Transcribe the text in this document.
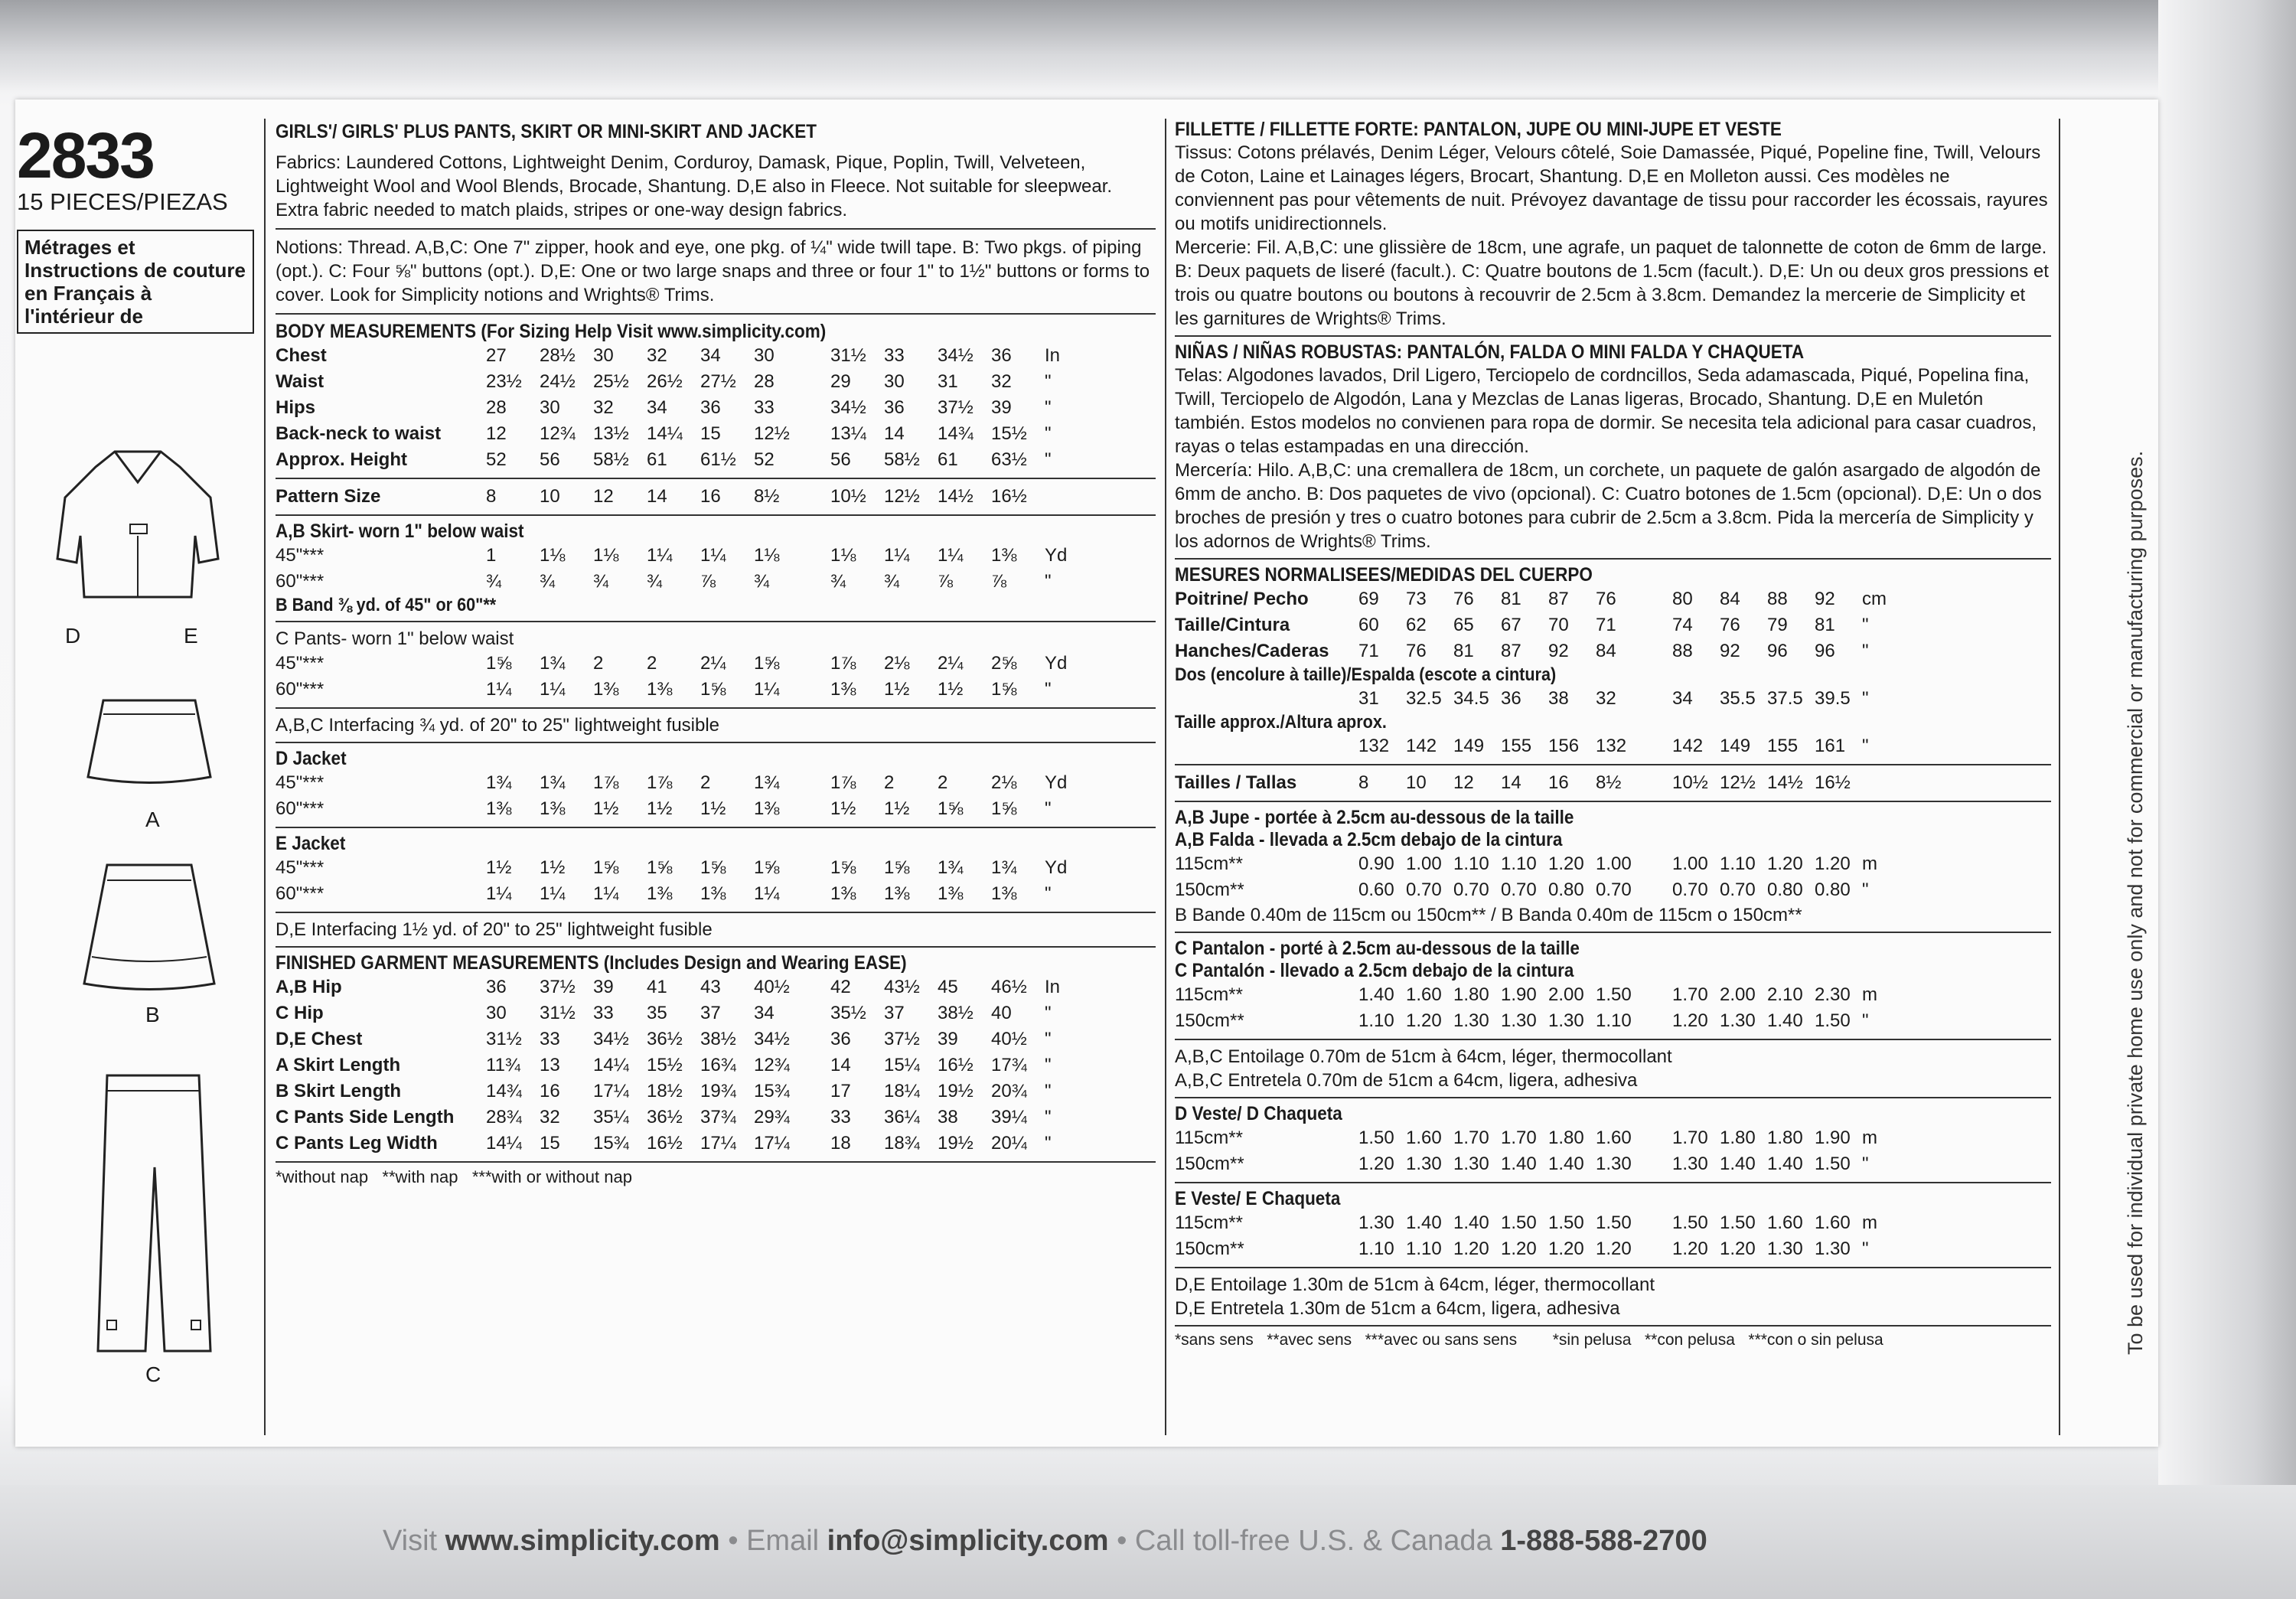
2833
15 PIECES/PIEZAS
Métrages et Instructions de couture en Français à l'intérieur de
D	E
A
B
C
GIRLS'/ GIRLS' PLUS PANTS, SKIRT OR MINI-SKIRT AND JACKET
Fabrics: Laundered Cottons, Lightweight Denim, Corduroy, Damask, Pique, Poplin, Twill, Velveteen, Lightweight Wool and Wool Blends, Brocade, Shantung. D,E also in Fleece. Not suitable for sleepwear. Extra fabric needed to match plaids, stripes or one-way design fabrics.
Notions: Thread. A,B,C: One 7" zipper, hook and eye, one pkg. of ¼" wide twill tape. B: Two pkgs. of piping (opt.). C: Four ⅝" buttons (opt.). D,E: One or two large snaps and three or four 1" to 1½" buttons or forms to cover. Look for Simplicity notions and Wrights® Trims.
BODY MEASUREMENTS (For Sizing Help Visit www.simplicity.com)
Chest	27	28½	30	32	34	30	31½	33	34½	36	In
Waist	23½	24½	25½	26½	27½	28	29	30	31	32	"
Hips	28	30	32	34	36	33	34½	36	37½	39	"
Back-neck to waist	12	12¾	13½	14¼	15	12½	13¼	14	14¾	15½	"
Approx. Height	52	56	58½	61	61½	52	56	58½	61	63½	"
Pattern Size	8	10	12	14	16	8½	10½	12½	14½	16½	
A,B Skirt- worn 1" below waist
45"***	1	1⅛	1⅛	1¼	1¼	1⅛	1⅛	1¼	1¼	1⅜	Yd
60"***	¾	¾	¾	¾	⅞	¾	¾	¾	⅞	⅞	"
B Band ⅜ yd. of 45" or 60"**
C Pants- worn 1" below waist
45"***	1⅝	1¾	2	2	2¼	1⅝	1⅞	2⅛	2¼	2⅝	Yd
60"***	1¼	1¼	1⅜	1⅜	1⅝	1¼	1⅜	1½	1½	1⅝	"
A,B,C Interfacing ¾ yd. of 20" to 25" lightweight fusible
D Jacket
45"***	1¾	1¾	1⅞	1⅞	2	1¾	1⅞	2	2	2⅛	Yd
60"***	1⅜	1⅜	1½	1½	1½	1⅜	1½	1½	1⅝	1⅝	"
E Jacket
45"***	1½	1½	1⅝	1⅝	1⅝	1⅝	1⅝	1⅝	1¾	1¾	Yd
60"***	1¼	1¼	1¼	1⅜	1⅜	1¼	1⅜	1⅜	1⅜	1⅜	"
D,E Interfacing 1½ yd. of 20" to 25" lightweight fusible
FINISHED GARMENT MEASUREMENTS (Includes Design and Wearing EASE)
A,B Hip	36	37½	39	41	43	40½	42	43½	45	46½	In
C Hip	30	31½	33	35	37	34	35½	37	38½	40	"
D,E Chest	31½	33	34½	36½	38½	34½	36	37½	39	40½	"
A Skirt Length	11¾	13	14¼	15½	16¾	12¾	14	15¼	16½	17¾	"
B Skirt Length	14¾	16	17¼	18½	19¾	15¾	17	18¼	19½	20¾	"
C Pants Side Length	28¾	32	35¼	36½	37¾	29¾	33	36¼	38	39¼	"
C Pants Leg Width	14¼	15	15¾	16½	17¼	17¼	18	18¾	19½	20¼	"
*without nap   **with nap   ***with or without nap
FILLETTE / FILLETTE FORTE: PANTALON, JUPE OU MINI-JUPE ET VESTE
Tissus: Cotons prélavés, Denim Léger, Velours côtelé, Soie Damassée, Piqué, Popeline fine, Twill, Velours de Coton, Laine et Lainages légers, Brocart, Shantung. D,E en Molleton aussi. Ces modèles ne conviennent pas pour vêtements de nuit. Prévoyez davantage de tissu pour raccorder les écossais, rayures ou motifs unidirectionnels.
Mercerie: Fil. A,B,C: une glissière de 18cm, une agrafe, un paquet de talonnette de coton de 6mm de large. B: Deux paquets de liseré (facult.). C: Quatre boutons de 1.5cm (facult.). D,E: Un ou deux gros pressions et trois ou quatre boutons ou boutons à recouvrir de 2.5cm à 3.8cm. Demandez la mercerie de Simplicity et les garnitures de Wrights® Trims.
NIÑAS / NIÑAS ROBUSTAS: PANTALÓN, FALDA O MINI FALDA Y CHAQUETA
Telas: Algodones lavados, Dril Ligero, Terciopelo de cordncillos, Seda adamascada, Piqué, Popelina fina, Twill, Terciopelo de Algodón, Lana y Mezclas de Lanas ligeras, Brocado, Shantung. D,E en Muletón también. Estos modelos no convienen para ropa de dormir. Se necesita tela adicional para casar cuadros, rayas o telas estampadas en una dirección.
Mercería: Hilo. A,B,C: una cremallera de 18cm, un corchete, un paquete de galón asargado de algodón de 6mm de ancho. B: Dos paquetes de vivo (opcional). C: Cuatro botones de 1.5cm (opcional). D,E: Un o dos broches de presión y tres o cuatro botones para cubrir de 2.5cm a 3.8cm. Pida la mercería de Simplicity y los adornos de Wrights® Trims.
MESURES NORMALISEES/MEDIDAS DEL CUERPO
Poitrine/ Pecho	69	73	76	81	87	76	80	84	88	92	cm
Taille/Cintura	60	62	65	67	70	71	74	76	79	81	"
Hanches/Caderas	71	76	81	87	92	84	88	92	96	96	"
Dos (encolure à taille)/Espalda (escote a cintura)
	31	32.5	34.5	36	38	32	34	35.5	37.5	39.5	"
Taille approx./Altura aprox.
	132	142	149	155	156	132	142	149	155	161	"
Tailles / Tallas	8	10	12	14	16	8½	10½	12½	14½	16½	
A,B Jupe - portée à 2.5cm au-dessous de la taille
A,B Falda - llevada a 2.5cm debajo de la cintura
115cm**	0.90	1.00	1.10	1.10	1.20	1.00	1.00	1.10	1.20	1.20	m
150cm**	0.60	0.70	0.70	0.70	0.80	0.70	0.70	0.70	0.80	0.80	"
B Bande 0.40m de 115cm ou 150cm** / B Banda 0.40m de 115cm o 150cm**
C Pantalon - porté à 2.5cm au-dessous de la taille
C Pantalón - llevado a 2.5cm debajo de la cintura
115cm**	1.40	1.60	1.80	1.90	2.00	1.50	1.70	2.00	2.10	2.30	m
150cm**	1.10	1.20	1.30	1.30	1.30	1.10	1.20	1.30	1.40	1.50	"
A,B,C Entoilage 0.70m de 51cm à 64cm, léger, thermocollant
A,B,C Entretela 0.70m de 51cm a 64cm, ligera, adhesiva
D Veste/ D Chaqueta
115cm**	1.50	1.60	1.70	1.70	1.80	1.60	1.70	1.80	1.80	1.90	m
150cm**	1.20	1.30	1.30	1.40	1.40	1.30	1.30	1.40	1.40	1.50	"
E Veste/ E Chaqueta
115cm**	1.30	1.40	1.40	1.50	1.50	1.50	1.50	1.50	1.60	1.60	m
150cm**	1.10	1.10	1.20	1.20	1.20	1.20	1.20	1.20	1.30	1.30	"
D,E Entoilage 1.30m de 51cm à 64cm, léger, thermocollant
D,E Entretela 1.30m de 51cm a 64cm, ligera, adhesiva
*sans sens   **avec sens   ***avec ou sans sens        *sin pelusa   **con pelusa   ***con o sin pelusa	To be used for individual private home use only and not for commercial or manufacturing purposes.
Visit www.simplicity.com • Email info@simplicity.com • Call toll-free U.S. & Canada 1-888-588-2700
